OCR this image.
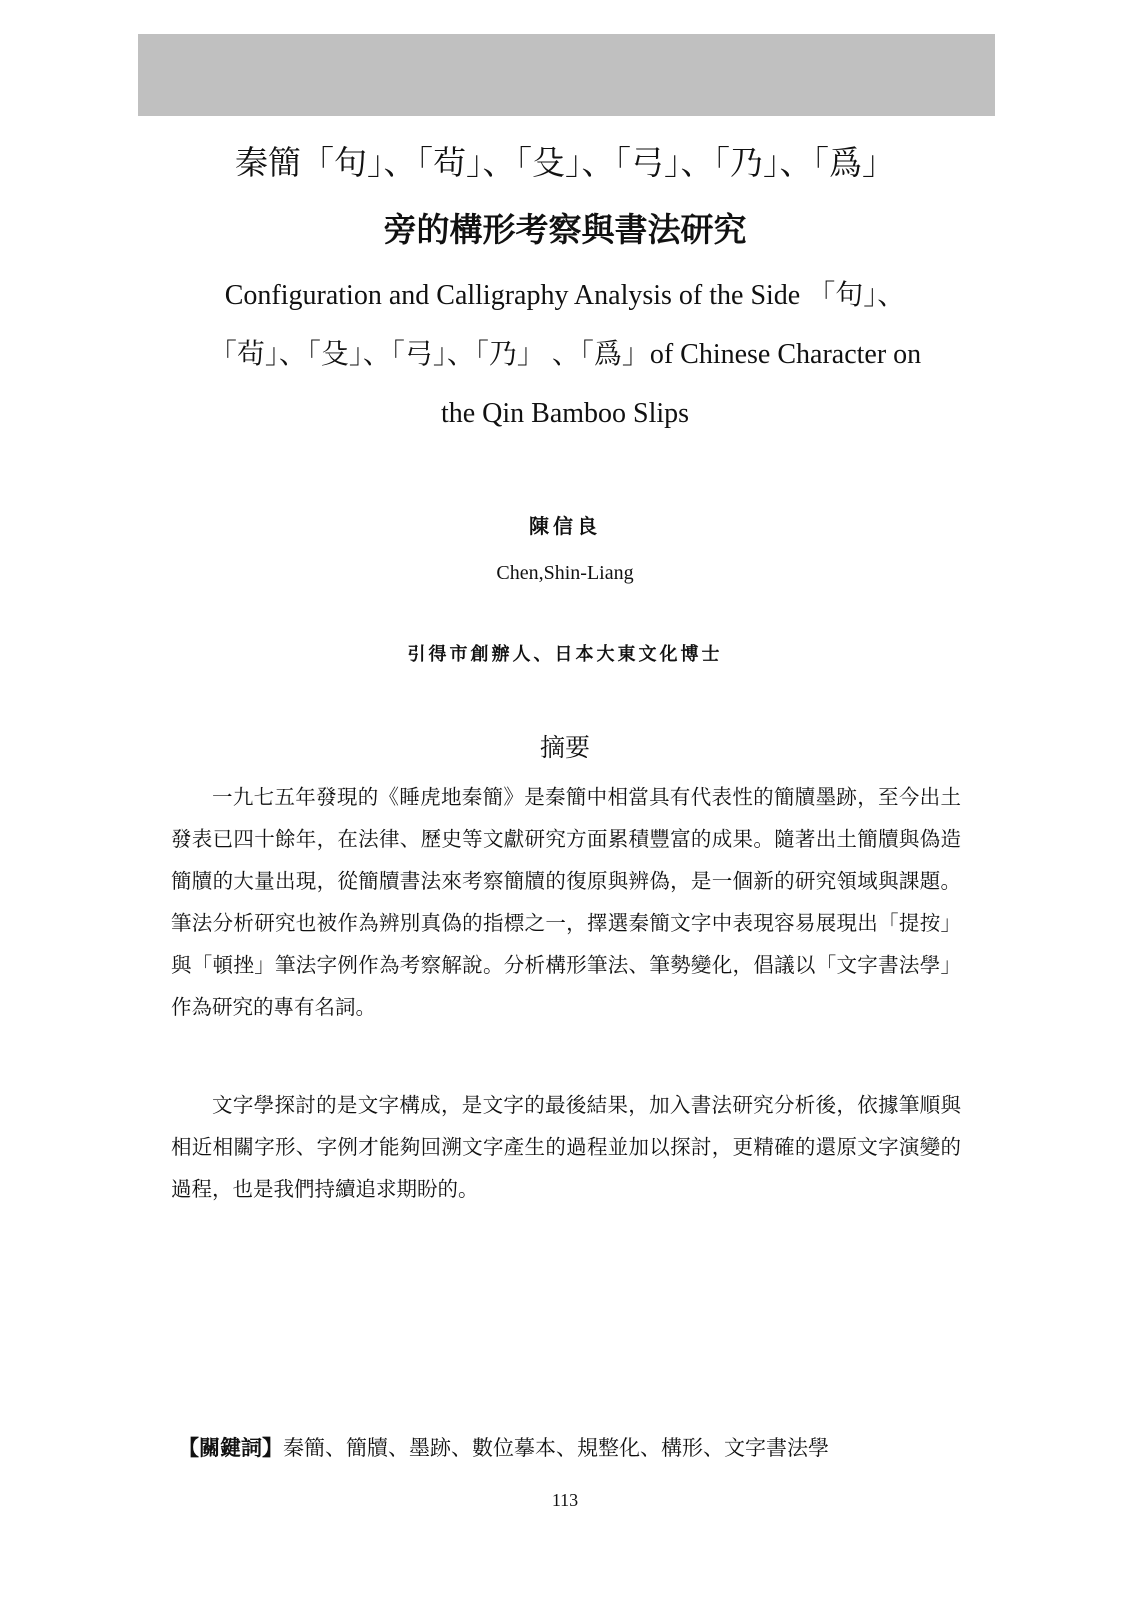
秦簡「句」、「茍」、「殳」、「弓」、「乃」、「爲」
旁的構形考察與書法研究
Configuration and Calligraphy Analysis of the Side 「句」、
「茍」、「殳」、「弓」、「乃」 、「爲」of Chinese Character on
the Qin Bamboo Slips
陳信良
Chen,Shin-Liang
引得市創辦人、日本大東文化博士
摘要

一九七五年發現的《睡虎地秦簡》是秦簡中相當具有代表性的簡牘墨跡，至今出土發表已四十餘年，在法律、歷史等文獻研究方面累積豐富的成果。隨著出土簡牘與偽造簡牘的大量出現，從簡牘書法來考察簡牘的復原與辨偽，是一個新的研究領域與課題。筆法分析研究也被作為辨別真偽的指標之一，擇選秦簡文字中表現容易展現出「提按」與「頓挫」筆法字例作為考察解說。分析構形筆法、筆勢變化，倡議以「文字書法學」作為研究的專有名詞。

文字學探討的是文字構成，是文字的最後結果，加入書法研究分析後，依據筆順與相近相關字形、字例才能夠回溯文字產生的過程並加以探討，更精確的還原文字演變的過程，也是我們持續追求期盼的。

【關鍵詞】秦簡、簡牘、墨跡、數位摹本、規整化、構形、文字書法學
113
